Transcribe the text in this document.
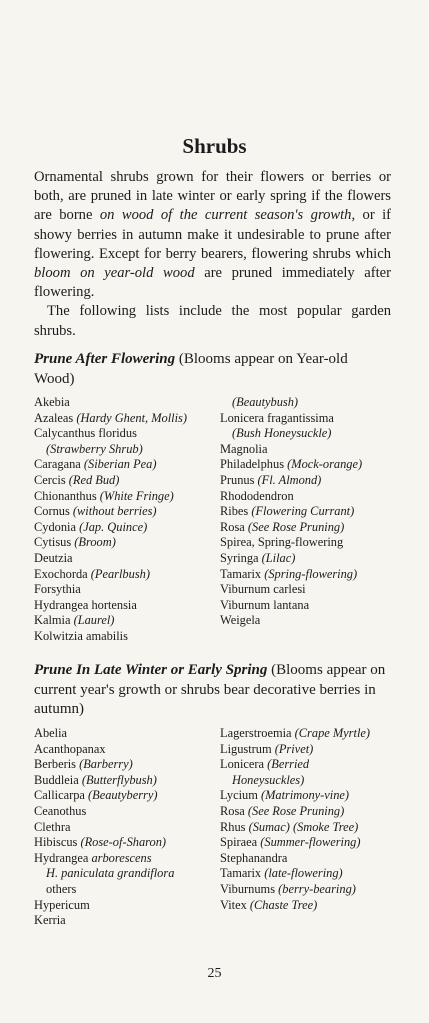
Shrubs

Ornamental shrubs grown for their flowers or berries or both, are pruned in late winter or early spring if the flowers are borne on wood of the current season's growth, or if showy berries in autumn make it undesirable to prune after flowering. Except for berry bearers, flowering shrubs which bloom on year-old wood are pruned immediately after flowering.

The following lists include the most popular garden shrubs.

Prune After Flowering (Blooms appear on Year-old Wood)
Akebia
Azaleas (Hardy Ghent, Mollis)
Calycanthus floridus
(Strawberry Shrub)
Caragana (Siberian Pea)
Cercis (Red Bud)
Chionanthus (White Fringe)
Cornus (without berries)
Cydonia (Jap. Quince)
Cytisus (Broom)
Deutzia
Exochorda (Pearlbush)
Forsythia
Hydrangea hortensia
Kalmia (Laurel)
Kolwitzia amabilis
(Beautybush)
Lonicera fragantissima
(Bush Honeysuckle)
Magnolia
Philadelphus (Mock-orange)
Prunus (Fl. Almond)
Rhododendron
Ribes (Flowering Currant)
Rosa (See Rose Pruning)
Spirea, Spring-flowering
Syringa (Lilac)
Tamarix (Spring-flowering)
Viburnum carlesi
Viburnum lantana
Weigela
Prune In Late Winter or Early Spring (Blooms appear on current year's growth or shrubs bear decorative berries in autumn)
Abelia
Acanthopanax
Berberis (Barberry)
Buddleia (Butterflybush)
Callicarpa (Beautyberry)
Ceanothus
Clethra
Hibiscus (Rose-of-Sharon)
Hydrangea arborescens
H. paniculata grandiflora
others
Hypericum
Kerria
Lagerstroemia (Crape Myrtle)
Ligustrum (Privet)
Lonicera (Berried
Honeysuckles)
Lycium (Matrimony-vine)
Rosa (See Rose Pruning)
Rhus (Sumac) (Smoke Tree)
Spiraea (Summer-flowering)
Stephanandra
Tamarix (late-flowering)
Viburnums (berry-bearing)
Vitex (Chaste Tree)
25
